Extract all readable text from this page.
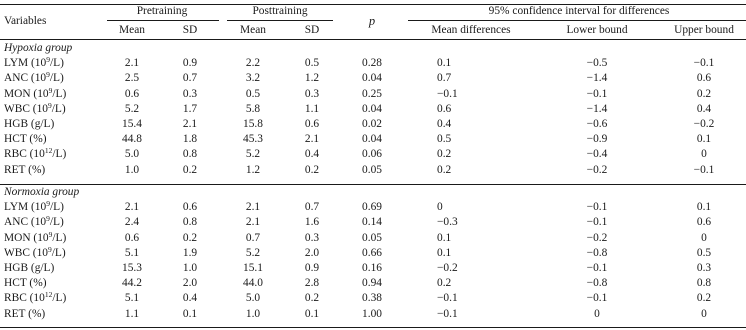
Variables
Pretraining	Posttraining
p
95% confidence interval for differences
Mean	SD	Mean	SD	Mean differences	Lower bound	Upper bound
Hypoxia group
LYM $(10^9/L)$	2.1	0.9	2.2	0.5	0.28	0.1	−0.5	−0.1
ANC $(10^9/L)$	2.5	0.7	3.2	1.2	0.04	0.7	−1.4	0.6
MON $(10^9/L)$	0.6	0.3	0.5	0.3	0.25	−0.1	−0.1	0.2
WBC $(10^9/L)$	5.2	1.7	5.8	1.1	0.04	0.6	−1.4	0.4
HGB (g/L)	15.4	2.1	15.8	0.6	0.02	0.4	−0.6	−0.2
HCT (%)	44.8	1.8	45.3	2.1	0.04	0.5	−0.9	0.1
RBC $(10^{12}/L)$	5.0	0.8	5.2	0.4	0.06	0.2	−0.4	0
RET (%)	1.0	0.2	1.2	0.2	0.05	0.2	−0.2	−0.1
Normoxia group
LYM $(10^9/L)$	2.1	0.6	2.1	0.7	0.69	0	−0.1	0.1
ANC $(10^9/L)$	2.4	0.8	2.1	1.6	0.14	−0.3	−0.1	0.6
MON $(10^9/L)$	0.6	0.2	0.7	0.3	0.05	0.1	−0.2	0
WBC $(10^9/L)$	5.1	1.9	5.2	2.0	0.66	0.1	−0.8	0.5
HGB (g/L)	15.3	1.0	15.1	0.9	0.16	−0.2	−0.1	0.3
HCT (%)	44.2	2.0	44.0	2.8	0.94	0.2	−0.8	0.8
RBC $(10^{12}/L)$	5.1	0.4	5.0	0.2	0.38	−0.1	−0.1	0.2
RET (%)	1.1	0.1	1.0	0.1	1.00	−0.1	0	0
